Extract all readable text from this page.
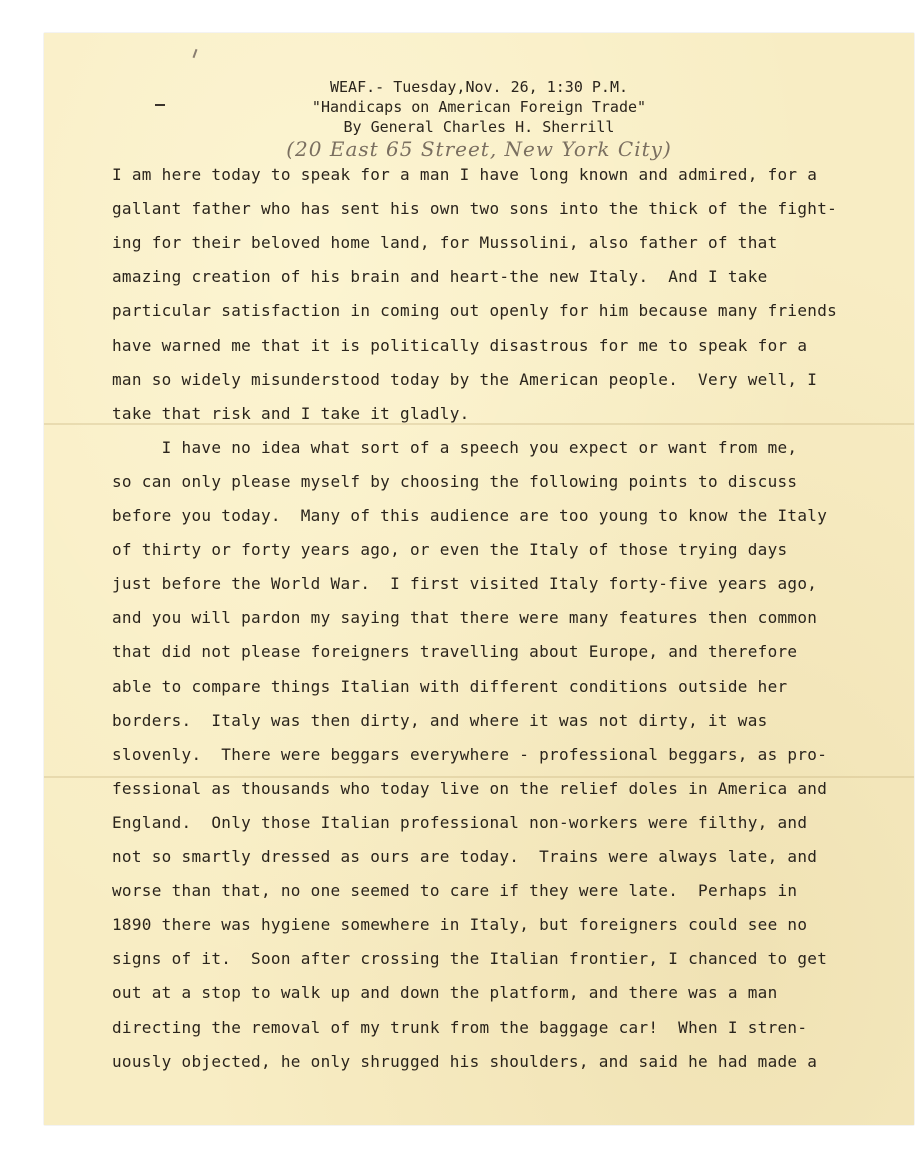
WEAF.- Tuesday,Nov. 26, 1:30 P.M.
"Handicaps on American Foreign Trade"
By General Charles H. Sherrill
(20 East 65 Street, New York City)
I am here today to speak for a man I have long known and admired, for a
gallant father who has sent his own two sons into the thick of the fight-
ing for their beloved home land, for Mussolini, also father of that
amazing creation of his brain and heart-the new Italy.  And I take
particular satisfaction in coming out openly for him because many friends
have warned me that it is politically disastrous for me to speak for a
man so widely misunderstood today by the American people.  Very well, I
take that risk and I take it gladly.
I have no idea what sort of a speech you expect or want from me,
so can only please myself by choosing the following points to discuss
before you today.  Many of this audience are too young to know the Italy
of thirty or forty years ago, or even the Italy of those trying days
just before the World War.  I first visited Italy forty-five years ago,
and you will pardon my saying that there were many features then common
that did not please foreigners travelling about Europe, and therefore
able to compare things Italian with different conditions outside her
borders.  Italy was then dirty, and where it was not dirty, it was
slovenly.  There were beggars everywhere - professional beggars, as pro-
fessional as thousands who today live on the relief doles in America and
England.  Only those Italian professional non-workers were filthy, and
not so smartly dressed as ours are today.  Trains were always late, and
worse than that, no one seemed to care if they were late.  Perhaps in
1890 there was hygiene somewhere in Italy, but foreigners could see no
signs of it.  Soon after crossing the Italian frontier, I chanced to get
out at a stop to walk up and down the platform, and there was a man
directing the removal of my trunk from the baggage car!  When I stren-
uously objected, he only shrugged his shoulders, and said he had made a
